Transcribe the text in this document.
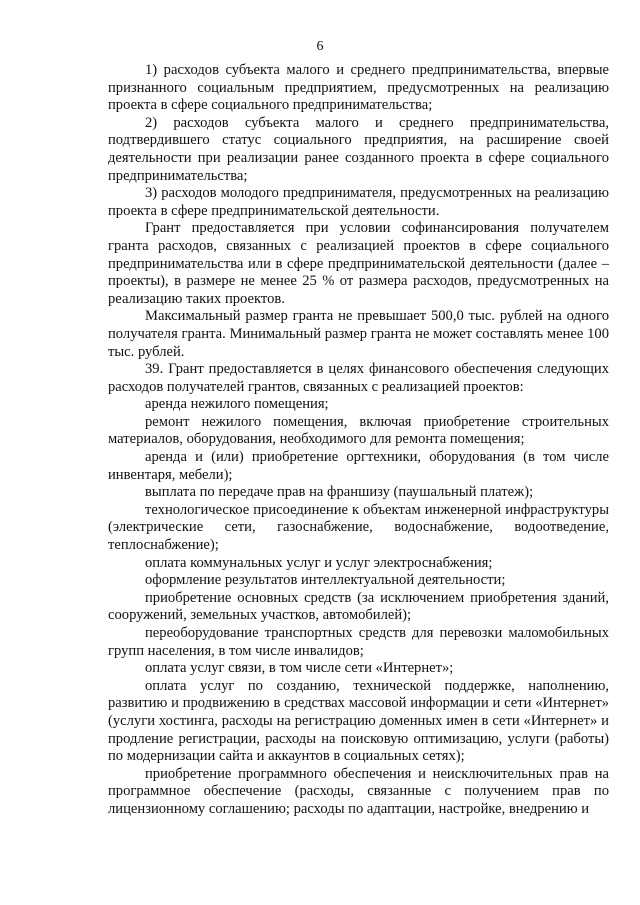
6

1) расходов субъекта малого и среднего предпринимательства, впервые признанного социальным предприятием, предусмотренных на реализацию проекта в сфере социального предпринимательства;

2) расходов субъекта малого и среднего предпринимательства, подтвердившего статус социального предприятия, на расширение своей деятельности при реализации ранее созданного проекта в сфере социального предпринимательства;

3) расходов молодого предпринимателя, предусмотренных на реализацию проекта в сфере предпринимательской деятельности.

Грант предоставляется при условии софинансирования получателем гранта расходов, связанных с реализацией проектов в сфере социального предпринимательства или в сфере предпринимательской деятельности (далее – проекты), в размере не менее 25 % от размера расходов, предусмотренных на реализацию таких проектов.

Максимальный размер гранта не превышает 500,0 тыс. рублей на одного получателя гранта. Минимальный размер гранта не может составлять менее 100 тыс. рублей.

39. Грант предоставляется в целях финансового обеспечения следующих расходов получателей грантов, связанных с реализацией проектов:

аренда нежилого помещения;

ремонт нежилого помещения, включая приобретение строительных материалов, оборудования, необходимого для ремонта помещения;

аренда и (или) приобретение оргтехники, оборудования (в том числе инвентаря, мебели);

выплата по передаче прав на франшизу (паушальный платеж);

технологическое присоединение к объектам инженерной инфраструктуры (электрические сети, газоснабжение, водоснабжение, водоотведение, теплоснабжение);

оплата коммунальных услуг и услуг электроснабжения;

оформление результатов интеллектуальной деятельности;

приобретение основных средств (за исключением приобретения зданий, сооружений, земельных участков, автомобилей);

переоборудование транспортных средств для перевозки маломобильных групп населения, в том числе инвалидов;

оплата услуг связи, в том числе сети «Интернет»;

оплата услуг по созданию, технической поддержке, наполнению, развитию и продвижению в средствах массовой информации и сети «Интернет» (услуги хостинга, расходы на регистрацию доменных имен в сети «Интернет» и продление регистрации, расходы на поисковую оптимизацию, услуги (работы) по модернизации сайта и аккаунтов в социальных сетях);

приобретение программного обеспечения и неисключительных прав на программное обеспечение (расходы, связанные с получением прав по лицензионному соглашению; расходы по адаптации, настройке, внедрению и
